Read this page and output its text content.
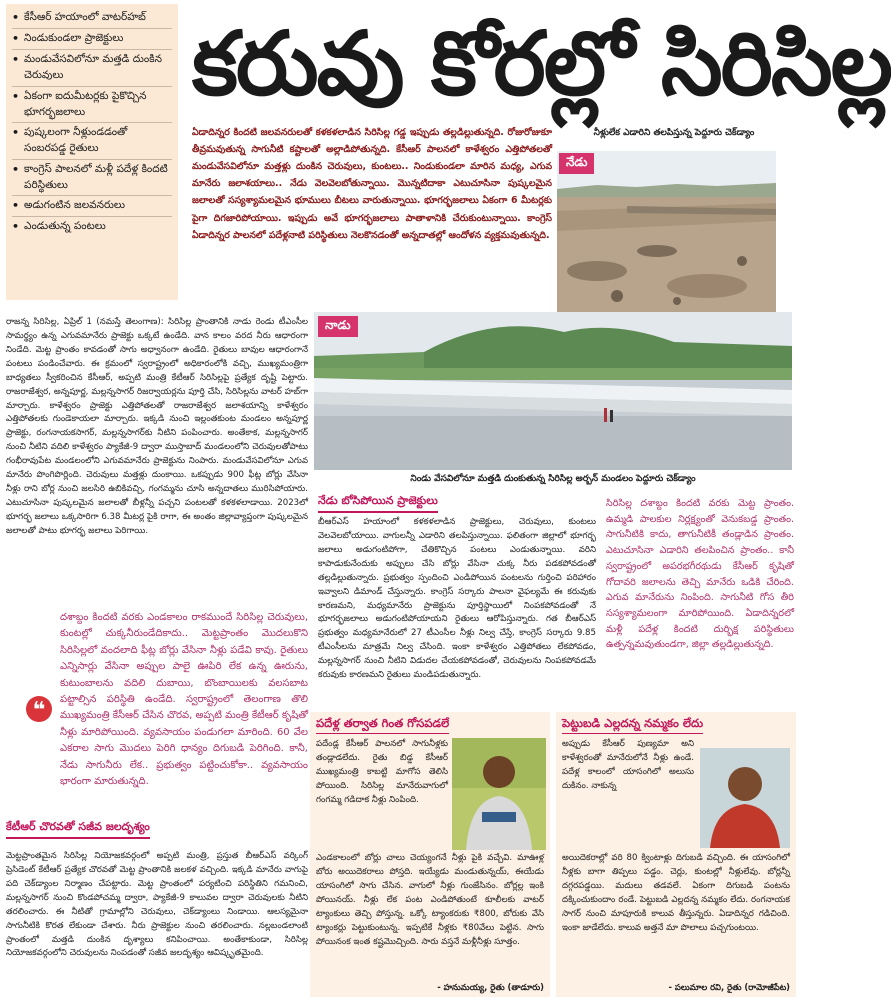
• కేసీఆర్ హయాంలో వాటర్‌హబ్
• నిండుకుండలా ప్రాజెక్టులు
• మండువేసవిలోనూ మత్తడి దుంకిన చెరువులు
• ఏకంగా ఐదుమీటర్లకు పైకొచ్చిన భూగర్భజలాలు
• పుష్కలంగా నీళ్లుండడంతో సంబరపడ్డ రైతులు
• కాంగ్రెస్ పాలనలో మళ్లీ పదేళ్ల కిందటి పరిస్థితులు
• అడుగంటిన జలవనరులు
• ఎండుతున్న పంటలు
కరువు కోరల్లో సిరిసిల్ల
ఏడాదిన్నర కిందటి జలవనరులతో కళకళలాడిన సిరిసిల్ల గడ్డ ఇప్పుడు తల్లడిల్లుతున్నది. రోజురోజుకూ తీవ్రమవుతున్న సాగునీటి కష్టాలతో అల్లాడిపోతున్నది. కేసీఆర్ పాలనలో కాళేశ్వరం ఎత్తిపోతలతో మండువేసవిలోనూ మత్తళ్లు దుంకిన చెరువులు, కుంటలు.. నిండుకుండలా మారిన మధ్య, ఎగువ మానేరు జలాశయాలు.. నేడు వెలవెలబోతున్నాయి. మొన్నటిదాకా ఎటుచూసినా పుష్కలమైన జలాలతో సస్యశ్యామలమైన భూములు బీటలు వారుతున్నాయి. భూగర్భజలాలు ఏకంగా 6 మీటర్లకు పైగా దిగజారిపోయాయి. ఇప్పుడు అవే భూగర్భజలాలు పాతాళానికి చేరుకుంటున్నాయి. కాంగ్రెస్ ఏడాదిన్నర పాలనలో పదేళ్లనాటి పరిస్థితులు నెలకొనడంతో అన్నదాతల్లో ఆందోళన వ్యక్తమవుతున్నది.
నీళ్లులేక ఎడారిని తలపిస్తున్న పెద్దూరు చెక్‌డ్యాం
నేడు
నాడు
నిండు వేసవిలోనూ మత్తడి దుంకుతున్న సిరిసిల్ల అర్బన్ మండలం పెద్దూరు చెక్‌డ్యాం
రాజన్న సిరిసిల్ల, ఏప్రిల్ 1 (నమస్తే తెలంగాణ): సిరిసిల్ల ప్రాంతానికి నాడు రెండు టీఎంసీల సామర్థ్యం ఉన్న ఎగువమానేరు ప్రాజెక్టు ఒక్కటే ఉండేది. వాన కాలం వరద నీరు ఆధారంగా నిండేది. మెట్ట ప్రాంతం కావడంతో సాగు అధ్వానంగా ఉండేది. రైతులు బావుల ఆధారంగానే పంటలు పండించేవారు. ఈ క్రమంలో స్వరాష్ట్రంలో అధికారంలోకి వచ్చి, ముఖ్యమంత్రిగా బాధ్యతలు స్వీకరించిన కేసీఆర్, అప్పటి మంత్రి కేటీఆర్ సిరిసిల్లపై ప్రత్యేక దృష్టి పెట్టారు. రాజరాజేశ్వర, అన్నపూర్ణ, మల్లన్నసాగర్ రిజర్వాయర్లను పూర్తి చేసి, సిరిసిల్లను వాటర్ హబ్‌గా మార్చారు. కాళేశ్వరం ప్రాజెక్టు ఎత్తిపోతలతో రాజరాజేశ్వర జలాశయాన్ని కాళేశ్వరం ఎత్తిపోతలకు గుండెకాయలా మార్చారు. ఇక్కడి నుంచి ఇల్లంతకుంట మండలం అన్నపూర్ణ ప్రాజెక్టు, రంగనాయకసాగర్, మల్లన్నసాగర్‌కు నీటిని పంపించారు. అంతేకాక, మల్లన్నసాగర్ నుంచి నీటిని వదిలి కాళేశ్వరం ప్యాకేజీ-9 ద్వారా ముస్తాబాద్ మండలంలోని చెరువులతోపాటు గంభీరావుపేట మండలంలోని ఎగువమానేరు ప్రాజెక్టును నింపారు. మండువేసవిలోనూ ఎగువ మానేరు పొంగిపొర్లింది. చెరువులు మత్తళ్లు దుంకాయి. ఒకప్పుడు 900 ఫీట్ల బోర్లు వేసినా నీళ్లు రాని బోర్ల నుంచి జలసిరి ఉబికివచ్చి, గంగమ్మను చూసి అన్నదాతలు మురిసిపోయారు. ఎటుచూసినా పుష్కలమైన జలాలతో బీళ్లన్నీ పచ్చని పంటలతో కళకళలాడాయి. 2023లో భూగర్భ జలాలు ఒక్కసారిగా 6.38 మీటర్ల పైకి రాగా, ఈ అంతం జిల్లావ్యాప్తంగా పుష్కలమైన జలాలతో పాటు భూగర్భ జలాలు పెరిగాయి.
❝
దశాబ్దం కిందటి వరకు ఎండకాలం రాకముందే సిరిసిల్ల చెరువులు, కుంటల్లో చుక్కనీరుండేదికాదు.. మెట్టప్రాంతం మొదలుకొని సిరిసిల్లలో వందలాది ఫీట్ల బోర్లు వేసినా నీళ్లు పడేవి కావు. రైతులు ఎన్నిసార్లు వేసినా అప్పుల పాలై ఊపిరి లేక ఉన్న ఊరును, కుటుంబాలను వదిలి దుబాయి, బొంబాయిలకు వలసబాట పట్టాల్సిన పరిస్థితి ఉండేది. స్వరాష్ట్రంలో తెలంగాణ తొలి ముఖ్యమంత్రి కేసీఆర్ చేసిన చొరవ, అప్పటి మంత్రి కేటీఆర్ కృషితో నీళ్లు మారిపోయింది. వ్యవసాయం పండుగలా మారింది. 60 వేల ఎకరాల సాగు మొదలు పెరిగి ధాన్యం దిగుబడి పెరిగింది. కానీ, నేడు సాగునీరు లేక.. ప్రభుత్వం పట్టించుకోకా.. వ్యవసాయం భారంగా మారుతున్నది.
కేటీఆర్ చొరవతో సజీవ జలదృశ్యం
మెట్టప్రాంతమైన సిరిసిల్ల నియోజకవర్గంలో అప్పటి మంత్రి, ప్రస్తుత బీఆర్‌ఎస్ వర్కింగ్ ప్రెసిడెంట్ కేటీఆర్ ప్రత్యేక చొరవతో మెట్ట ప్రాంతానికి జలకళ వచ్చింది. ఇక్కడి మానేరు వాగుపై పది చెక్‌డ్యాంల నిర్మాణం చేపట్టారు. మెట్ట ప్రాంతంలో పర్యటించి పరిస్థితిని గమనించి, మల్లన్నసాగర్ నుంచి కొండపోచమ్మ ద్వారా, ప్యాకేజీ-9 కాలువల ద్వారా చెరువులకు నీటిని తరలించారు. ఈ నీటితో గ్రామాల్లోని చెరువులు, చెక్‌డ్యాంలు నిండాయి. ఆలస్యమైనా సాగునీటికి కొరత లేకుండా చేశారు. నీరు ప్రాజెక్టుల నుంచి తరలించారు. నల్లబండలాంటి ప్రాంతంలో మత్తడి దుంకిన దృశ్యాలు కనిపించాయి. అంతేకాకుండా, సిరిసిల్ల నియోజకవర్గంలోని చెరువులను నింపడంతో సజీవ జలదృశ్యం ఆవిష్కృతమైంది.
నేడు బోసిపోయిన ప్రాజెక్టులు
బీఆర్‌ఎస్ హయాంలో కళకళలాడిన ప్రాజెక్టులు, చెరువులు, కుంటలు వెలవెలబోయాయి. వాగులన్నీ ఎడారిని తలపిస్తున్నాయి. ఫలితంగా జిల్లాలో భూగర్భ జలాలు అడుగంటిపోగా, చేతికొచ్చిన పంటలు ఎండుతున్నాయి. వరిని కాపాడుకునేందుకు అప్పులు చేసి బోర్లు వేసినా చుక్క నీరు పడకపోవడంతో తల్లడిల్లుతున్నారు. ప్రభుత్వం స్పందించి ఎండిపోయిన పంటలను గుర్తించి పరిహారం ఇవ్వాలని డిమాండ్ చేస్తున్నారు. కాంగ్రెస్ సర్కారు పాలనా వైఫల్యమే ఈ కరువుకు కారణమని, మధ్యమానేరు ప్రాజెక్టును పూర్తిస్థాయిలో నింపకపోవడంతో నే భూగర్భజలాలు అడుగంటిపోయాయని రైతులు ఆరోపిస్తున్నారు. గత బీఆర్‌ఎస్ ప్రభుత్వం మధ్యమానేరులో 27 టీఎంసీల నీళ్లు నిల్వ చేస్తే, కాంగ్రెస్ సర్కారు 9.85 టీఎంసీలను మాత్రమే నిల్వ చేసింది. ఇంకా కాళేశ్వరం ఎత్తిపోతలు లేకపోవడం, మల్లన్నసాగర్ నుంచి నీటిని విడుదల చేయకపోవడంతో, చెరువులను నింపకపోవడమే కరువుకు కారణమని రైతులు మండిపడుతున్నారు.
సిరిసిల్ల దశాబ్దం కిందటి వరకు మెట్ట ప్రాంతం. ఉమ్మడి పాలకుల నిర్లక్ష్యంతో వెనుకబడ్డ ప్రాంతం. సాగునీటికి కాదు, తాగునీటికీ తండ్లాడిన ప్రాంతం. ఎటుచూసినా ఎడారిని తలపించిన ప్రాంతం.. కానీ స్వరాష్ట్రంలో అపరభగీరథుడు కేసీఆర్ కృషితో గోదావరి జలాలను తెచ్చి మానేరు ఒడికి చేరింది. ఎగువ మానేరును నింపింది. సాగునీటి గోస తీరి సస్యశ్యామలంగా మారిపోయింది. ఏడాదిన్నరలో మళ్లీ పదేళ్ల కిందటి దుర్భిక్ష పరిస్థితులు ఉత్పన్నమవుతుండగా, జిల్లా తల్లడిల్లుతున్నది.
పదేళ్ల తర్వాత గింత గోసపడలే
పదేండ్ల కేసీఆర్ పాలనలో సాగునీళ్లకు తండ్లాడలేదు. రైతు బిడ్డ కేసీఆర్ ముఖ్యమంత్రి కాబట్టి మాగోస తెలిసి పోయింది. సిరిసిల్ల మానేరువాగులో గంగమ్మ గడిదాక నీళ్లు నింపింది.
ఎండకాలంలో బోర్లు చాలు చెయ్యంగనే నీళ్లు పైకి వచ్చేవి. మాఊళ్ల బోరు అయిదెకరాలు పోస్తది. ఇయ్యేడు మండుతున్నయ్, ఈయేడు యాసంగిలో సాగు చేసిన. వాగులో నీళ్లు గుంజేసినం. బోర్లల్ల ఇంకి పోయినయ్. నీళ్లు లేక పంట ఎండిపోతుంటే కూలీలకు వాటర్ ట్యాంకులు తెచ్చి పోస్తున్న. ఒక్కో ట్యాంకరుకు ₹800, బోరుకు వేసి ట్యాంకర్లు పెట్టుకుంటున్న. ఇప్పటికే నీళ్లకు ₹80వేలు పెట్టిన. సాగు పోయినంక ఇంత కష్టమొచ్చింది. సారు వస్తనే మళ్లీనీళ్లు సూత్తం.
- హనుమయ్య, రైతు (తాడూరు)
పెట్టుబడి ఎల్లదన్న నమ్మకం లేదు
అప్పుడు కేసీఆర్ పుణ్యమా అని కాళేశ్వరంతో మానేరులోనే నీళ్లు ఉండే. పదేళ్ల కాలంలో యాసంగిలో అలుసు దుకినం. నాకున్న
అయిదెకరాల్లో వరి 80 క్వింటాళ్లు దిగుబడి వచ్చింది. ఈ యాసంగిలో నీళ్లకు బాగా తిప్పలు పడ్డం. చెర్లు, కుంటల్లో నీళ్లులేవు. బోర్లన్నీ దగ్గరపడ్డయి. మదులు తడవలే. ఏకంగా దిగుబడి పంటను దక్కించుకుందాం రండే. పెట్టుబడి ఎల్లదన్న నమ్మకం లేదు. రంగనాయక సాగర్ నుంచి మాపూరుకి కాలువ తీస్తున్నరు. ఏడాదిన్నర గడిచింది. ఇంకా జాడేలేదు. కాలువ అత్తనే మా పొలాలు పచ్చగుంటయి.
- పలుమాల రవి, రైతు (రామోజీపేట)
